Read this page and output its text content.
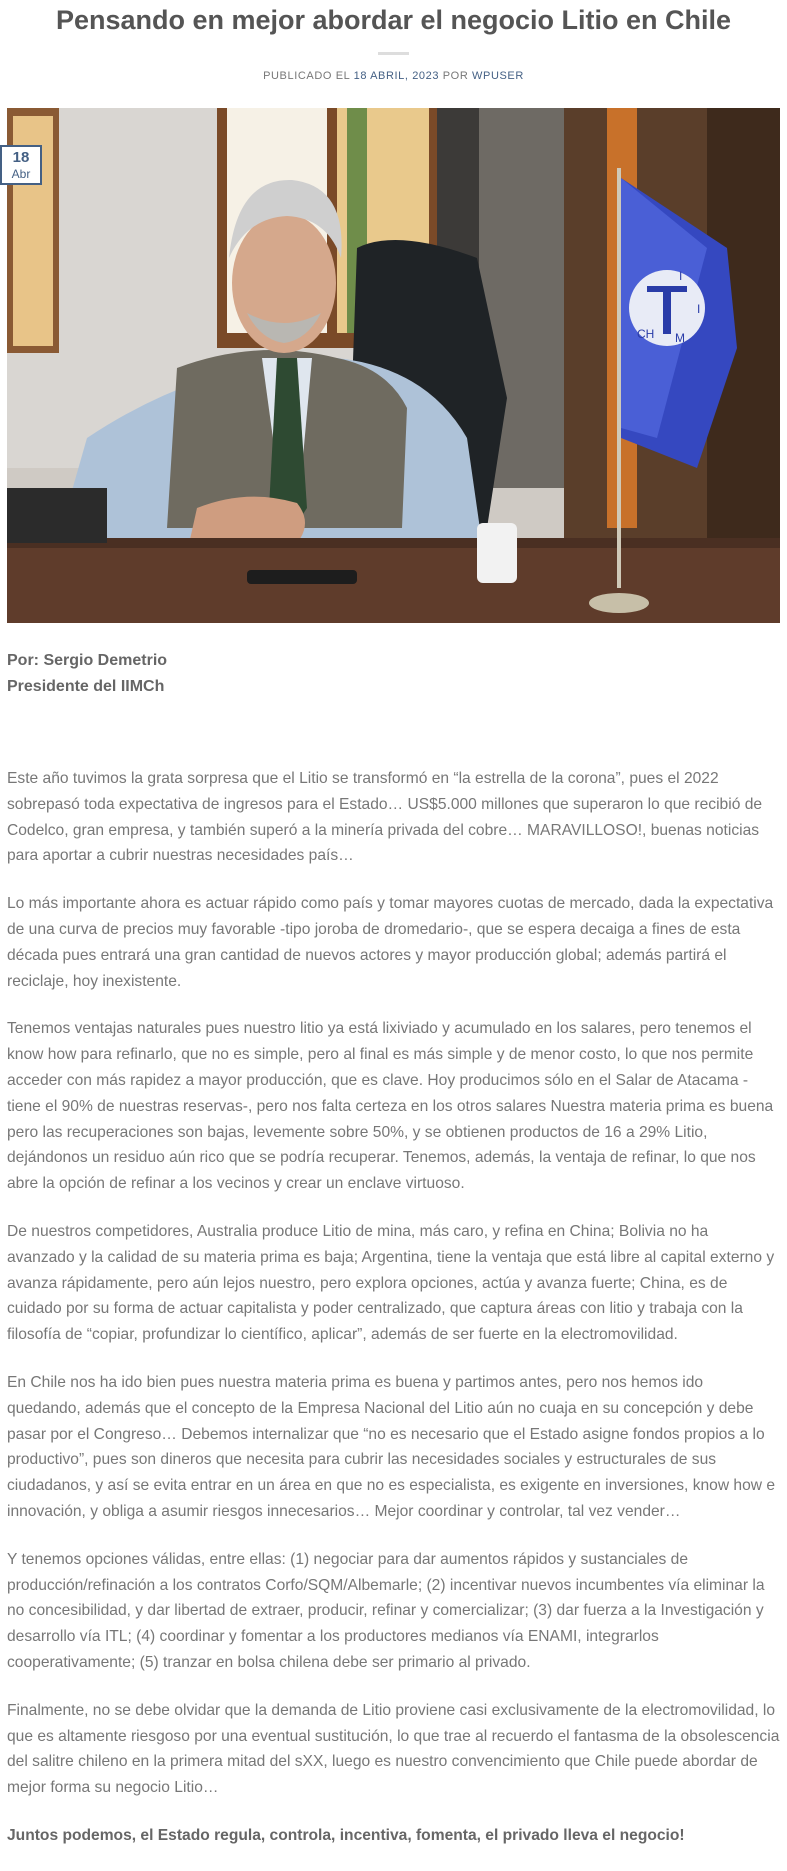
Pensando en mejor abordar el negocio Litio en Chile
PUBLICADO EL 18 ABRIL, 2023 POR WPUSER
I
I
CH M
18
Abr

Por: Sergio Demetrio
Presidente del IIMCh

Este año tuvimos la grata sorpresa que el Litio se transformó en “la estrella de la corona”, pues el 2022 sobrepasó toda expectativa de ingresos para el Estado… US$5.000 millones que superaron lo que recibió de Codelco, gran empresa, y también superó a la minería privada del cobre… MARAVILLOSO!, buenas noticias para aportar a cubrir nuestras necesidades país…

Lo más importante ahora es actuar rápido como país y tomar mayores cuotas de mercado, dada la expectativa de una curva de precios muy favorable -tipo joroba de dromedario-, que se espera decaiga a fines de esta década pues entrará una gran cantidad de nuevos actores y mayor producción global; además partirá el reciclaje, hoy inexistente.

Tenemos ventajas naturales pues nuestro litio ya está lixiviado y acumulado en los salares, pero tenemos el know how para refinarlo, que no es simple, pero al final es más simple y de menor costo, lo que nos permite acceder con más rapidez a mayor producción, que es clave. Hoy producimos sólo en el Salar de Atacama -tiene el 90% de nuestras reservas-, pero nos falta certeza en los otros salares Nuestra materia prima es buena pero las recuperaciones son bajas, levemente sobre 50%, y se obtienen productos de 16 a 29% Litio, dejándonos un residuo aún rico que se podría recuperar. Tenemos, además, la ventaja de refinar, lo que nos abre la opción de refinar a los vecinos y crear un enclave virtuoso.

De nuestros competidores, Australia produce Litio de mina, más caro, y refina en China; Bolivia no ha avanzado y la calidad de su materia prima es baja; Argentina, tiene la ventaja que está libre al capital externo y avanza rápidamente, pero aún lejos nuestro, pero explora opciones, actúa y avanza fuerte; China, es de cuidado por su forma de actuar capitalista y poder centralizado, que captura áreas con litio y trabaja con la filosofía de “copiar, profundizar lo científico, aplicar”, además de ser fuerte en la electromovilidad.

En Chile nos ha ido bien pues nuestra materia prima es buena y partimos antes, pero nos hemos ido quedando, además que el concepto de la Empresa Nacional del Litio aún no cuaja en su concepción y debe pasar por el Congreso… Debemos internalizar que “no es necesario que el Estado asigne fondos propios a lo productivo”, pues son dineros que necesita para cubrir las necesidades sociales y estructurales de sus ciudadanos, y así se evita entrar en un área en que no es especialista, es exigente en inversiones, know how e innovación, y obliga a asumir riesgos innecesarios… Mejor coordinar y controlar, tal vez vender…

Y tenemos opciones válidas, entre ellas: (1) negociar para dar aumentos rápidos y sustanciales de producción/refinación a los contratos Corfo/SQM/Albemarle; (2) incentivar nuevos incumbentes vía eliminar la no concesibilidad, y dar libertad de extraer, producir, refinar y comercializar; (3) dar fuerza a la Investigación y desarrollo vía ITL; (4) coordinar y fomentar a los productores medianos vía ENAMI, integrarlos cooperativamente; (5) tranzar en bolsa chilena debe ser primario al privado.

Finalmente, no se debe olvidar que la demanda de Litio proviene casi exclusivamente de la electromovilidad, lo que es altamente riesgoso por una eventual sustitución, lo que trae al recuerdo el fantasma de la obsolescencia del salitre chileno en la primera mitad del sXX, luego es nuestro convencimiento que Chile puede abordar de mejor forma su negocio Litio…

Juntos podemos, el Estado regula, controla, incentiva, fomenta, el privado lleva el negocio!
